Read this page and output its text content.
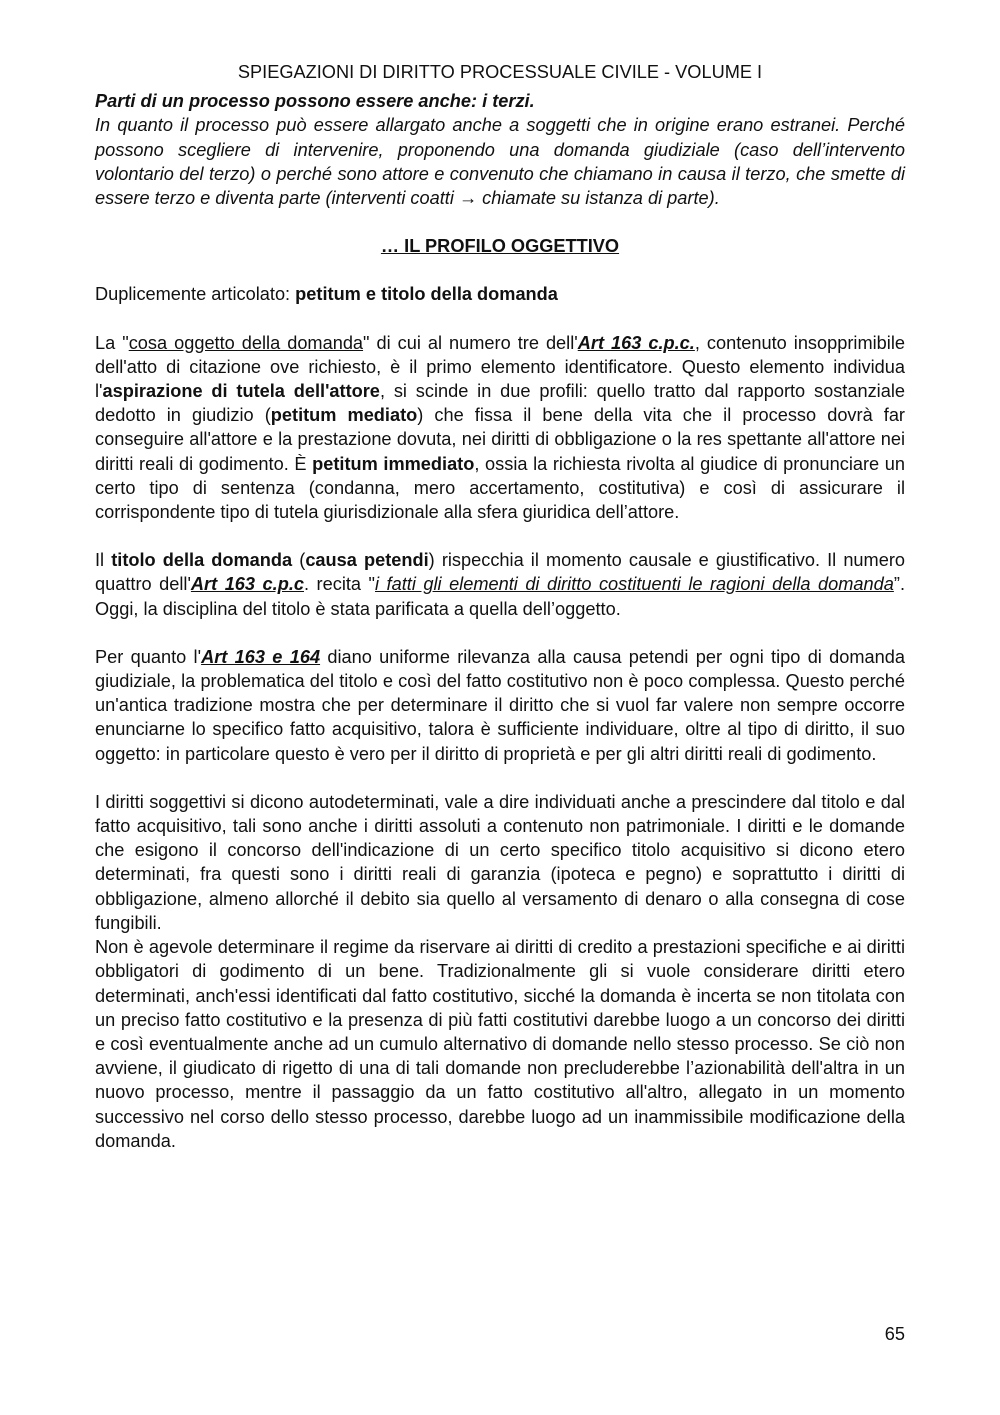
SPIEGAZIONI DI DIRITTO PROCESSUALE CIVILE - VOLUME I

Parti di un processo possono essere anche: i terzi.
In quanto il processo può essere allargato anche a soggetti che in origine erano estranei. Perché possono scegliere di intervenire, proponendo una domanda giudiziale (caso dell’intervento volontario del terzo) o perché sono attore e convenuto che chiamano in causa il terzo, che smette di essere terzo e diventa parte (interventi coatti → chiamate su istanza di parte).

… IL PROFILO OGGETTIVO

Duplicemente articolato: petitum e titolo della domanda

La "cosa oggetto della domanda" di cui al numero tre dell'Art 163 c.p.c., contenuto insopprimibile dell'atto di citazione ove richiesto, è il primo elemento identificatore. Questo elemento individua l'aspirazione di tutela dell'attore, si scinde in due profili: quello tratto dal rapporto sostanziale dedotto in giudizio (petitum mediato) che fissa il bene della vita che il processo dovrà far conseguire all'attore e la prestazione dovuta, nei diritti di obbligazione o la res spettante all'attore nei diritti reali di godimento. È petitum immediato, ossia la richiesta rivolta al giudice di pronunciare un certo tipo di sentenza (condanna, mero accertamento, costitutiva) e così di assicurare il corrispondente tipo di tutela giurisdizionale alla sfera giuridica dell’attore.

Il titolo della domanda (causa petendi) rispecchia il momento causale e giustificativo. Il numero quattro dell'Art 163 c.p.c. recita "i fatti gli elementi di diritto costituenti le ragioni della domanda”. Oggi, la disciplina del titolo è stata parificata a quella dell’oggetto.

Per quanto l'Art 163 e 164 diano uniforme rilevanza alla causa petendi per ogni tipo di domanda giudiziale, la problematica del titolo e così del fatto costitutivo non è poco complessa. Questo perché un'antica tradizione mostra che per determinare il diritto che si vuol far valere non sempre occorre enunciarne lo specifico fatto acquisitivo, talora è sufficiente individuare, oltre al tipo di diritto, il suo oggetto: in particolare questo è vero per il diritto di proprietà e per gli altri diritti reali di godimento.

I diritti soggettivi si dicono autodeterminati, vale a dire individuati anche a prescindere dal titolo e dal fatto acquisitivo, tali sono anche i diritti assoluti a contenuto non patrimoniale. I diritti e le domande che esigono il concorso dell'indicazione di un certo specifico titolo acquisitivo si dicono etero determinati, fra questi sono i diritti reali di garanzia (ipoteca e pegno) e soprattutto i diritti di obbligazione, almeno allorché il debito sia quello al versamento di denaro o alla consegna di cose fungibili.

Non è agevole determinare il regime da riservare ai diritti di credito a prestazioni specifiche e ai diritti obbligatori di godimento di un bene. Tradizionalmente gli si vuole considerare diritti etero determinati, anch'essi identificati dal fatto costitutivo, sicché la domanda è incerta se non titolata con un preciso fatto costitutivo e la presenza di più fatti costitutivi darebbe luogo a un concorso dei diritti e così eventualmente anche ad un cumulo alternativo di domande nello stesso processo. Se ciò non avviene, il giudicato di rigetto di una di tali domande non precluderebbe l’azionabilità dell'altra in un nuovo processo, mentre il passaggio da un fatto costitutivo all'altro, allegato in un momento successivo nel corso dello stesso processo, darebbe luogo ad un inammissibile modificazione della domanda.

65
